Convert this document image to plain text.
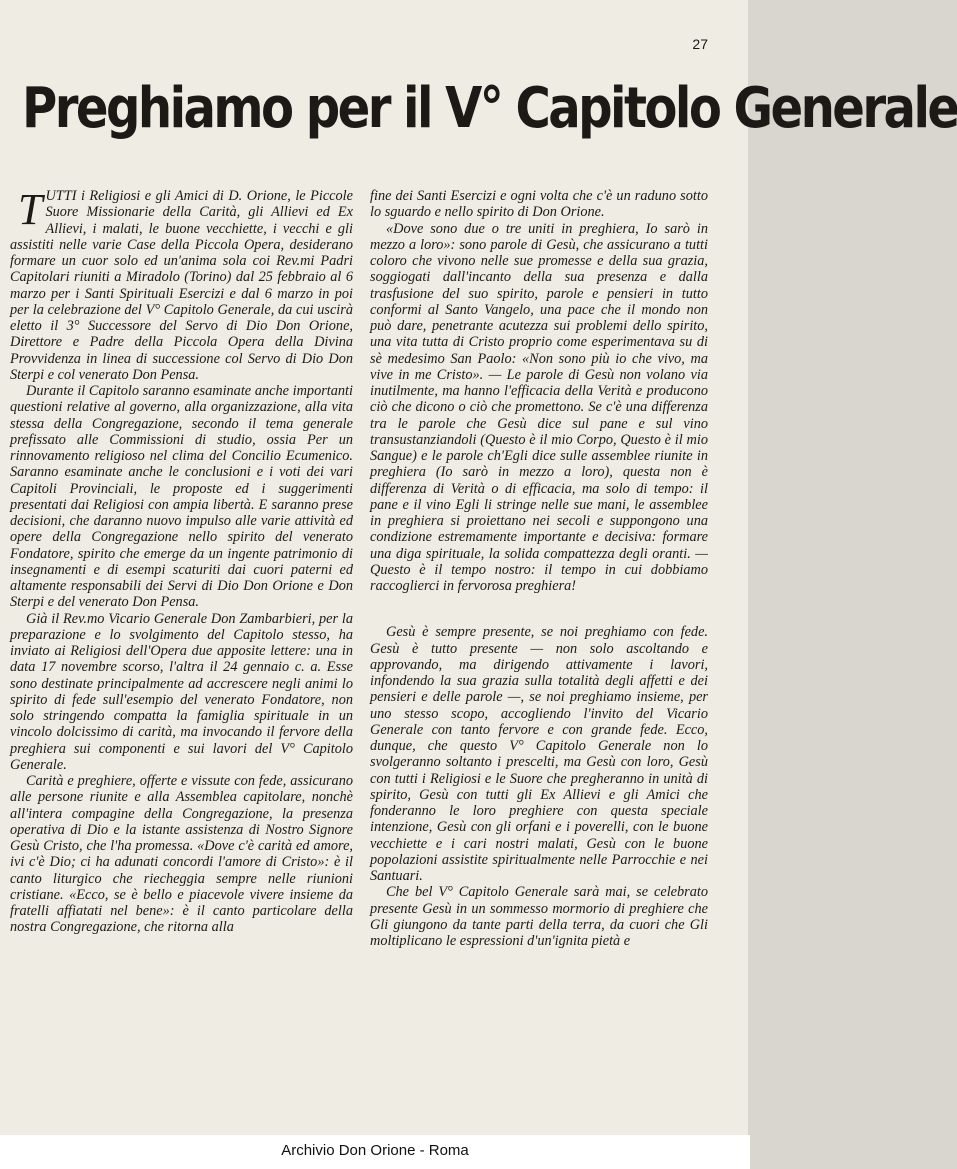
27
Preghiamo per il V° Capitolo Generale

TUTTI i Religiosi e gli Amici di D. Orione, le Piccole Suore Missionarie della Carità, gli Allievi ed Ex Allievi, i malati, le buone vecchiette, i vecchi e gli assistiti nelle varie Case della Piccola Opera, desiderano formare un cuor solo ed un'anima sola coi Rev.mi Padri Capitolari riuniti a Miradolo (Torino) dal 25 febbraio al 6 marzo per i Santi Spirituali Esercizi e dal 6 marzo in poi per la celebrazione del V° Capitolo Generale, da cui uscirà eletto il 3° Successore del Servo di Dio Don Orione, Direttore e Padre della Piccola Opera della Divina Provvidenza in linea di successione col Servo di Dio Don Sterpi e col venerato Don Pensa.

Durante il Capitolo saranno esaminate anche importanti questioni relative al governo, alla organizzazione, alla vita stessa della Congregazione, secondo il tema generale prefissato alle Commissioni di studio, ossia Per un rinnovamento religioso nel clima del Concilio Ecumenico. Saranno esaminate anche le conclusioni e i voti dei vari Capitoli Provinciali, le proposte ed i suggerimenti presentati dai Religiosi con ampia libertà. E saranno prese decisioni, che daranno nuovo impulso alle varie attività ed opere della Congregazione nello spirito del venerato Fondatore, spirito che emerge da un ingente patrimonio di insegnamenti e di esempi scaturiti dai cuori paterni ed altamente responsabili dei Servi di Dio Don Orione e Don Sterpi e del venerato Don Pensa.

Già il Rev.mo Vicario Generale Don Zambarbieri, per la preparazione e lo svolgimento del Capitolo stesso, ha inviato ai Religiosi dell'Opera due apposite lettere: una in data 17 novembre scorso, l'altra il 24 gennaio c. a. Esse sono destinate principalmente ad accrescere negli animi lo spirito di fede sull'esempio del venerato Fondatore, non solo stringendo compatta la famiglia spirituale in un vincolo dolcissimo di carità, ma invocando il fervore della preghiera sui componenti e sui lavori del V° Capitolo Generale.

Carità e preghiere, offerte e vissute con fede, assicurano alle persone riunite e alla Assemblea capitolare, nonchè all'intera compagine della Congregazione, la presenza operativa di Dio e la istante assistenza di Nostro Signore Gesù Cristo, che l'ha promessa. «Dove c'è carità ed amore, ivi c'è Dio; ci ha adunati concordi l'amore di Cristo»: è il canto liturgico che riecheggia sempre nelle riunioni cristiane. «Ecco, se è bello e piacevole vivere insieme da fratelli affiatati nel bene»: è il canto particolare della nostra Congregazione, che ritorna alla

fine dei Santi Esercizi e ogni volta che c'è un raduno sotto lo sguardo e nello spirito di Don Orione.

«Dove sono due o tre uniti in preghiera, Io sarò in mezzo a loro»: sono parole di Gesù, che assicurano a tutti coloro che vivono nelle sue promesse e della sua grazia, soggiogati dall'incanto della sua presenza e dalla trasfusione del suo spirito, parole e pensieri in tutto conformi al Santo Vangelo, una pace che il mondo non può dare, penetrante acutezza sui problemi dello spirito, una vita tutta di Cristo proprio come esperimentava su di sè medesimo San Paolo: «Non sono più io che vivo, ma vive in me Cristo». — Le parole di Gesù non volano via inutilmente, ma hanno l'efficacia della Verità e producono ciò che dicono o ciò che promettono. Se c'è una differenza tra le parole che Gesù dice sul pane e sul vino transustanziandoli (Questo è il mio Corpo, Questo è il mio Sangue) e le parole ch'Egli dice sulle assemblee riunite in preghiera (Io sarò in mezzo a loro), questa non è differenza di Verità o di efficacia, ma solo di tempo: il pane e il vino Egli li stringe nelle sue mani, le assemblee in preghiera si proiettano nei secoli e suppongono una condizione estremamente importante e decisiva: formare una diga spirituale, la solida compattezza degli oranti. — Questo è il tempo nostro: il tempo in cui dobbiamo raccoglierci in fervorosa preghiera!

Gesù è sempre presente, se noi preghiamo con fede. Gesù è tutto presente — non solo ascoltando e approvando, ma dirigendo attivamente i lavori, infondendo la sua grazia sulla totalità degli affetti e dei pensieri e delle parole —, se noi preghiamo insieme, per uno stesso scopo, accogliendo l'invito del Vicario Generale con tanto fervore e con grande fede. Ecco, dunque, che questo V° Capitolo Generale non lo svolgeranno soltanto i prescelti, ma Gesù con loro, Gesù con tutti i Religiosi e le Suore che pregheranno in unità di spirito, Gesù con tutti gli Ex Allievi e gli Amici che fonderanno le loro preghiere con questa speciale intenzione, Gesù con gli orfani e i poverelli, con le buone vecchiette e i cari nostri malati, Gesù con le buone popolazioni assistite spiritualmente nelle Parrocchie e nei Santuari.

Che bel V° Capitolo Generale sarà mai, se celebrato presente Gesù in un sommesso mormorio di preghiere che Gli giungono da tante parti della terra, da cuori che Gli moltiplicano le espressioni d'un'ignita pietà e

Archivio Don Orione - Roma
